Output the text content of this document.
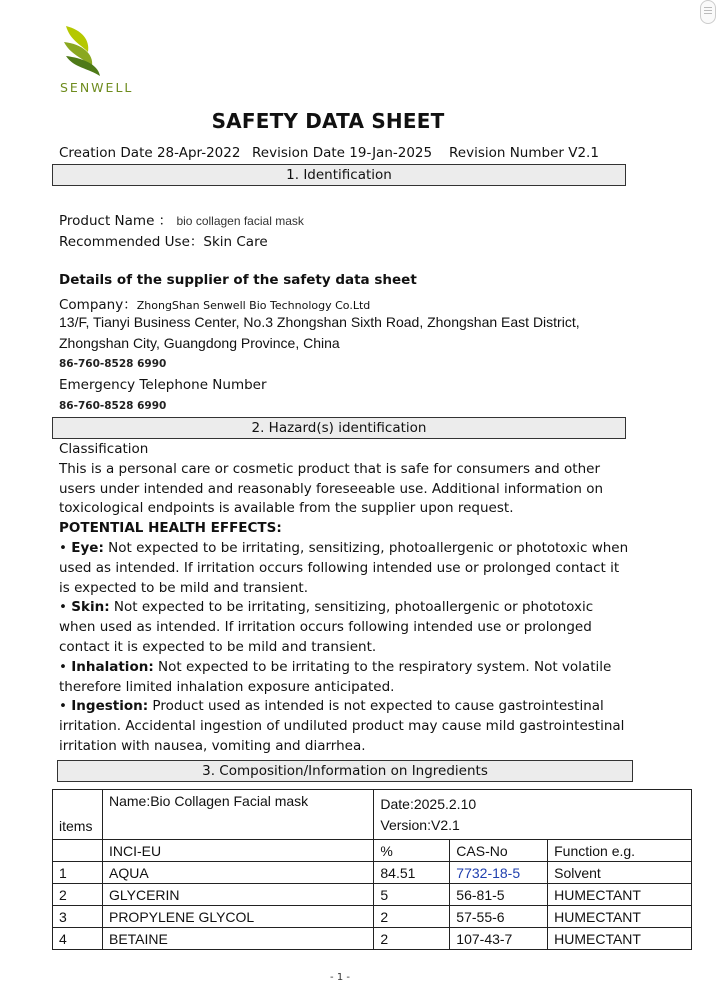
SENWELL
SAFETY DATA SHEET
Creation Date 28-Apr-2022 Revision Date 19-Jan-2025 Revision Number V2.1
1. Identification
Product Name ： bio collagen facial mask
Recommended Use：Skin Care
Details of the supplier of the safety data sheet
Company：ZhongShan Senwell Bio Technology Co.Ltd
13/F, Tianyi Business Center, No.3 Zhongshan Sixth Road, Zhongshan East District,
Zhongshan City, Guangdong Province, China
86-760-8528 6990
Emergency Telephone Number
86-760-8528 6990
2. Hazard(s) identification

Classification

This is a personal care or cosmetic product that is safe for consumers and other users under intended and reasonably foreseeable use. Additional information on toxicological endpoints is available from the supplier upon request.

POTENTIAL HEALTH EFFECTS:

• Eye: Not expected to be irritating, sensitizing, photoallergenic or phototoxic when used as intended. If irritation occurs following intended use or prolonged contact it is expected to be mild and transient.

• Skin: Not expected to be irritating, sensitizing, photoallergenic or phototoxic when used as intended. If irritation occurs following intended use or prolonged contact it is expected to be mild and transient.

• Inhalation: Not expected to be irritating to the respiratory system. Not volatile therefore limited inhalation exposure anticipated.

• Ingestion: Product used as intended is not expected to cause gastrointestinal irritation. Accidental ingestion of undiluted product may cause mild gastrointestinal irritation with nausea, vomiting and diarrhea.

3. Composition/Information on Ingredients
items	Name:Bio Collagen Facial mask	Date:2025.2.10		
		Version:V2.1		
	INCI-EU	%	CAS-No	Function e.g.
1	AQUA	84.51	7732-18-5	Solvent
2	GLYCERIN	5	56-81-5	HUMECTANT
3	PROPYLENE GLYCOL	2	57-55-6	HUMECTANT
4	BETAINE	2	107-43-7	HUMECTANT
- 1 -
